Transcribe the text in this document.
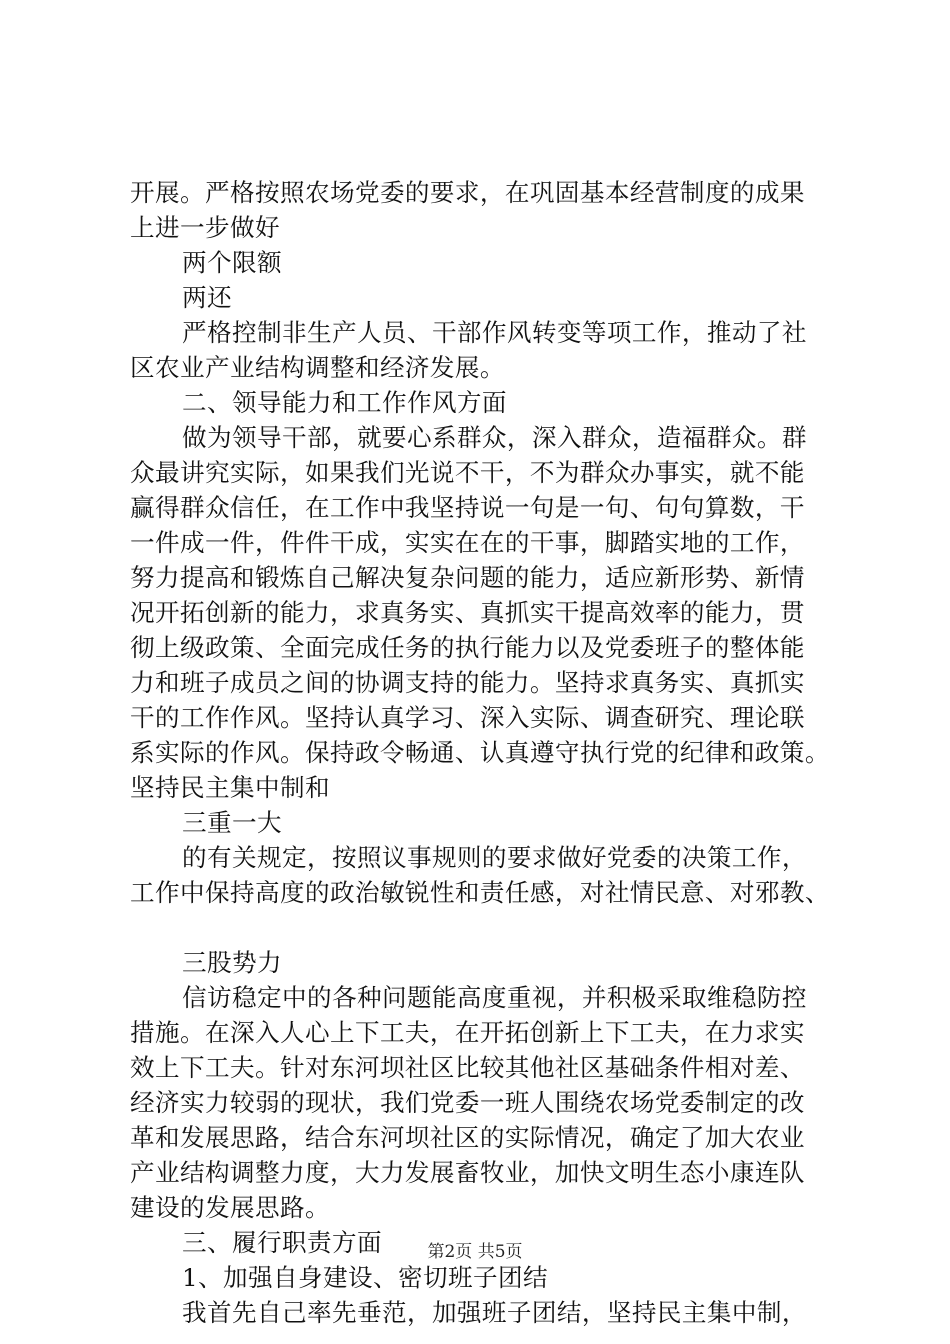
开展。严格按照农场党委的要求，在巩固基本经营制度的成果
上进一步做好
两个限额
两还
严格控制非生产人员、干部作风转变等项工作，推动了社
区农业产业结构调整和经济发展。
二、领导能力和工作作风方面
做为领导干部，就要心系群众，深入群众，造福群众。群
众最讲究实际，如果我们光说不干，不为群众办事实，就不能
赢得群众信任，在工作中我坚持说一句是一句、句句算数，干
一件成一件，件件干成，实实在在的干事，脚踏实地的工作，
努力提高和锻炼自己解决复杂问题的能力，适应新形势、新情
况开拓创新的能力，求真务实、真抓实干提高效率的能力，贯
彻上级政策、全面完成任务的执行能力以及党委班子的整体能
力和班子成员之间的协调支持的能力。坚持求真务实、真抓实
干的工作作风。坚持认真学习、深入实际、调查研究、理论联
系实际的作风。保持政令畅通、认真遵守执行党的纪律和政策。
坚持民主集中制和
三重一大
的有关规定，按照议事规则的要求做好党委的决策工作，
工作中保持高度的政治敏锐性和责任感，对社情民意、对邪教、
三股势力
信访稳定中的各种问题能高度重视，并积极采取维稳防控
措施。在深入人心上下工夫，在开拓创新上下工夫，在力求实
效上下工夫。针对东河坝社区比较其他社区基础条件相对差、
经济实力较弱的现状，我们党委一班人围绕农场党委制定的改
革和发展思路，结合东河坝社区的实际情况，确定了加大农业
产业结构调整力度，大力发展畜牧业，加快文明生态小康连队
建设的发展思路。
三、履行职责方面
1、加强自身建设、密切班子团结
我首先自己率先垂范，加强班子团结，坚持民主集中制，
第2页 共5页
